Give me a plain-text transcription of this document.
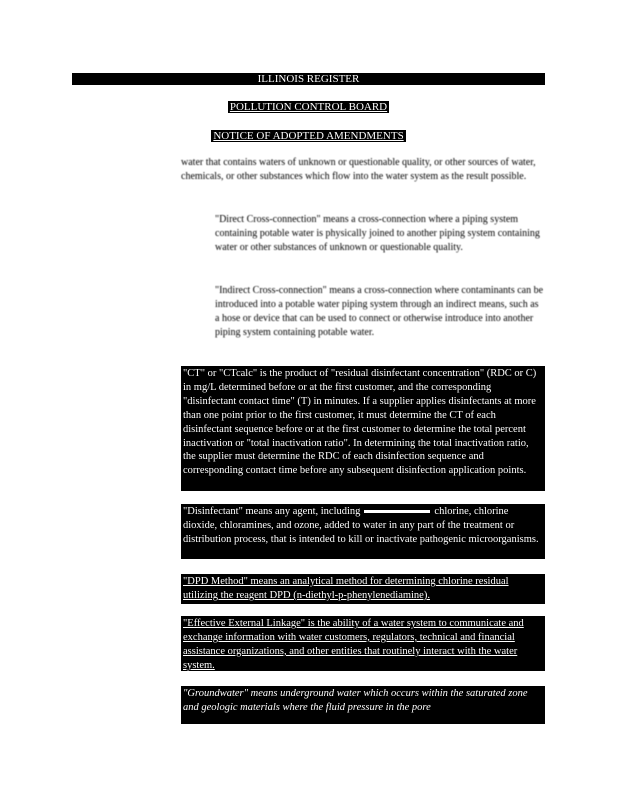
ILLINOIS REGISTER
POLLUTION CONTROL BOARD
NOTICE OF ADOPTED AMENDMENTS
water that contains waters of unknown or questionable quality, or other sources of water, chemicals, or other substances which flow into the water system as the result possible.
"Direct Cross-connection" means a cross-connection where a piping system containing potable water is physically joined to another piping system containing water or other substances of unknown or questionable quality.
"Indirect Cross-connection" means a cross-connection where contaminants can be introduced into a potable water piping system through an indirect means, such as a hose or device that can be used to connect or otherwise introduce into another piping system containing potable water.

"CT" or "CTcalc" is the product of "residual disinfectant concentration" (RDC or C) in mg/L determined before or at the first customer, and the corresponding "disinfectant contact time" (T) in minutes. If a supplier applies disinfectants at more than one point prior to the first customer, it must determine the CT of each disinfectant sequence before or at the first customer to determine the total percent inactivation or "total inactivation ratio". In determining the total inactivation ratio, the supplier must determine the RDC of each disinfection sequence and corresponding contact time before any subsequent disinfection application points.

"Disinfectant" means any agent, including	chlorine, chlorine dioxide, chloramines, and ozone, added to water in any part of the treatment or distribution process, that is intended to kill or inactivate pathogenic microorganisms.

"DPD Method" means an analytical method for determining chlorine residual utilizing the reagent DPD (n-diethyl-p-phenylenediamine).

"Effective External Linkage" is the ability of a water system to communicate and exchange information with water customers, regulators, technical and financial assistance organizations, and other entities that routinely interact with the water system.

"Groundwater" means underground water which occurs within the saturated zone and geologic materials where the fluid pressure in the pore
